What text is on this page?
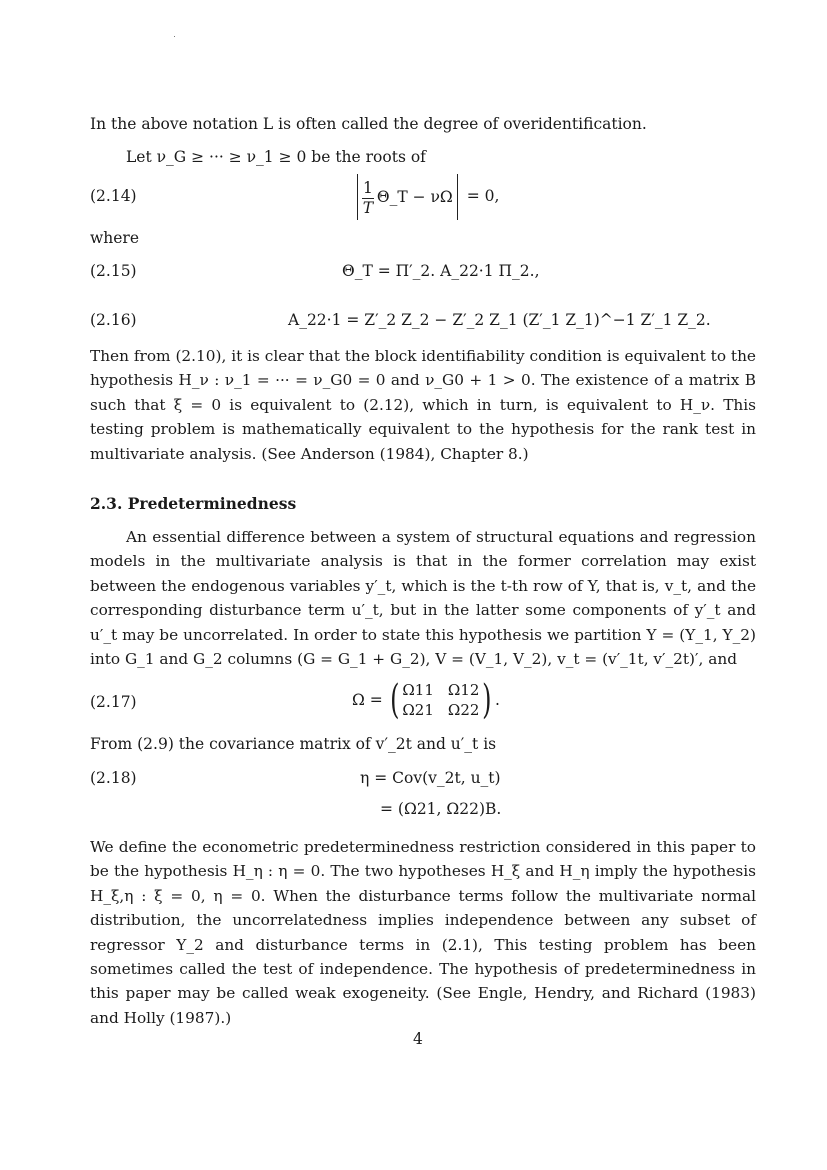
In the above notation L is often called the degree of overidentification.
Let ν_G ≥ ··· ≥ ν_1 ≥ 0 be the roots of
(2.14)	$\frac{1}{T}$ Θ_T − νΩ = 0,
where
(2.15)	Θ_T = Π′_2. A_22·1 Π_2.,
(2.16)	A_22·1 = Z′_2 Z_2 − Z′_2 Z_1 (Z′_1 Z_1)^−1 Z′_1 Z_2.

Then from (2.10), it is clear that the block identifiability condition is equivalent to the hypothesis H_ν : ν_1 = ··· = ν_G0 = 0 and ν_G0 + 1 > 0. The existence of a matrix B such that ξ = 0 is equivalent to (2.12), which in turn, is equivalent to H_ν. This testing problem is mathematically equivalent to the hypothesis for the rank test in multivariate analysis. (See Anderson (1984), Chapter 8.)

2.3. Predeterminedness

An essential difference between a system of structural equations and regression models in the multivariate analysis is that in the former correlation may exist between the endogenous variables y′_t, which is the t-th row of Y, that is, v_t, and the corresponding disturbance term u′_t, but in the latter some components of y′_t and u′_t may be uncorrelated. In order to state this hypothesis we partition Y = (Y_1, Y_2) into G_1 and G_2 columns (G = G_1 + G_2), V = (V_1, V_2), v_t = (v′_1t, v′_2t)′, and

(2.17)	Ω = ( Ω11 Ω12
Ω21 Ω22 ) .
From (2.9) the covariance matrix of v′_2t and u′_t is
(2.18)	η = Cov(v_2t, u_t)
= (Ω21, Ω22)B.

We define the econometric predeterminedness restriction considered in this paper to be the hypothesis H_η : η = 0. The two hypotheses H_ξ and H_η imply the hypothesis H_ξ,η : ξ = 0, η = 0. When the disturbance terms follow the multivariate normal distribution, the uncorrelatedness implies independence between any subset of regressor Y_2 and disturbance terms in (2.1), This testing problem has been sometimes called the test of independence. The hypothesis of predeterminedness in this paper may be called weak exogeneity. (See Engle, Hendry, and Richard (1983) and Holly (1987).)

4
